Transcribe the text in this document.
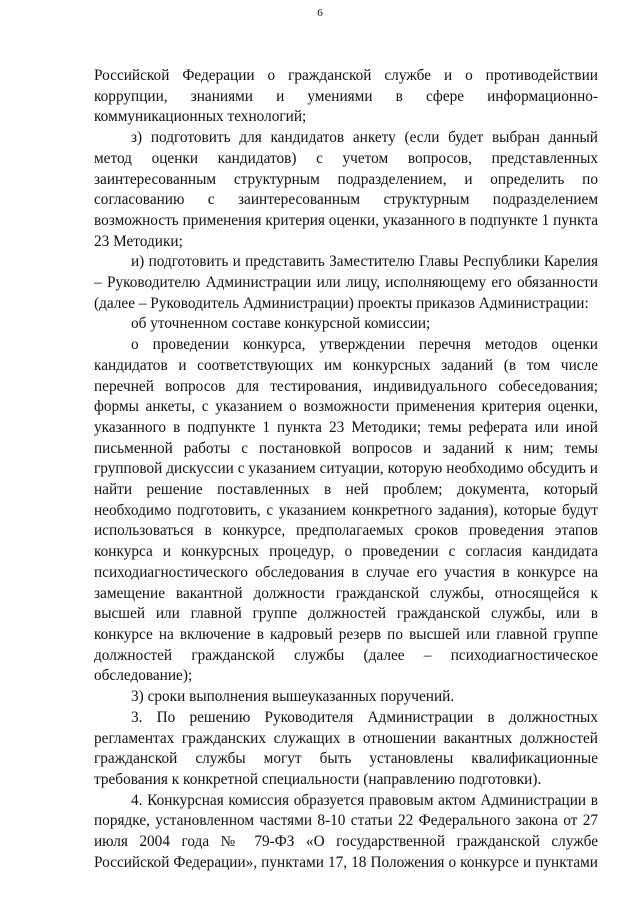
6

Российской Федерации о гражданской службе и о противодействии коррупции, знаниями и умениями в сфере информационно-коммуникационных технологий;

з) подготовить для кандидатов анкету (если будет выбран данный метод оценки кандидатов) с учетом вопросов, представленных заинтересованным структурным подразделением, и определить по согласованию с заинтересованным структурным подразделением возможность применения критерия оценки, указанного в подпункте 1 пункта 23 Методики;

и) подготовить и представить Заместителю Главы Республики Карелия – Руководителю Администрации или лицу, исполняющему его обязанности (далее – Руководитель Администрации) проекты приказов Администрации:

об уточненном составе конкурсной комиссии;

о проведении конкурса, утверждении перечня методов оценки кандидатов и соответствующих им конкурсных заданий (в том числе перечней вопросов для тестирования, индивидуального собеседования; формы анкеты, с указанием о возможности применения критерия оценки, указанного в подпункте 1 пункта 23 Методики; темы реферата или иной письменной работы с постановкой вопросов и заданий к ним; темы групповой дискуссии с указанием ситуации, которую необходимо обсудить и найти решение поставленных в ней проблем; документа, который необходимо подготовить, с указанием конкретного задания), которые будут использоваться в конкурсе, предполагаемых сроков проведения этапов конкурса и конкурсных процедур, о проведении с согласия кандидата психодиагностического обследования в случае его участия в конкурсе на замещение вакантной должности гражданской службы, относящейся к высшей или главной группе должностей гражданской службы, или в конкурсе на включение в кадровый резерв по высшей или главной группе должностей гражданской службы (далее – психодиагностическое обследование);

3) сроки выполнения вышеуказанных поручений.

3. По решению Руководителя Администрации в должностных регламентах гражданских служащих в отношении вакантных должностей гражданской службы могут быть установлены квалификационные требования к конкретной специальности (направлению подготовки).

4. Конкурсная комиссия образуется правовым актом Администрации в порядке, установленном частями 8-10 статьи 22 Федерального закона от 27 июля 2004 года № 79-ФЗ «О государственной гражданской службе Российской Федерации», пунктами 17, 18 Положения о конкурсе и пунктами
